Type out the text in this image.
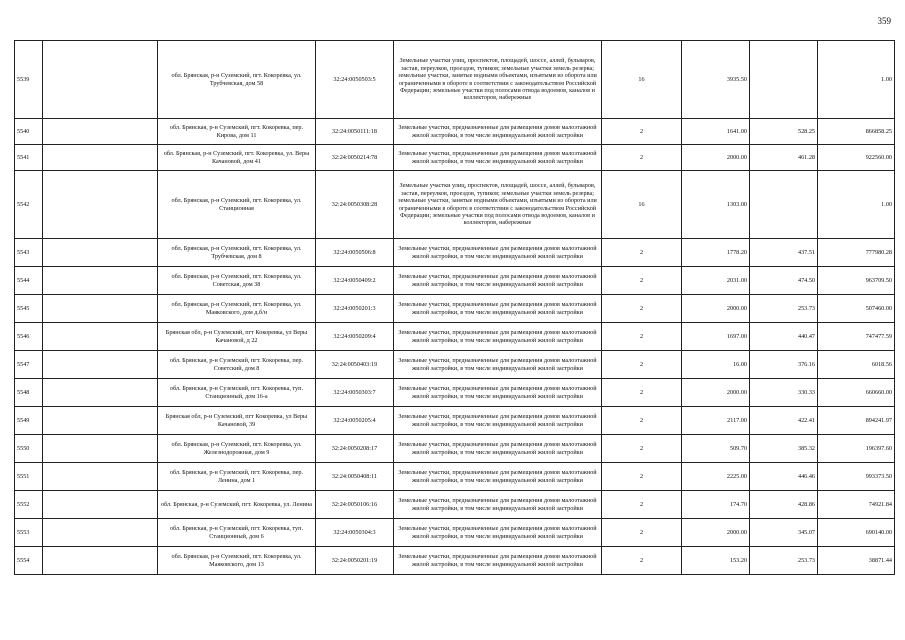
359
5539		обл. Брянская, р-н Суземский, пгт. Кокоревка, ул. Трубчевская, дом 58	32:24:0050503:5	Земельные участки улиц, проспектов, площадей, шоссе, аллей, бульваров, застав, переулков, проездов, тупиков; земельные участки земель резерва; земельные участки, занятые водными объектами, изъятыми из оборота или ограниченными в обороте в соответствии с законодательством Российской Федерации; земельные участки под полосами отвода водоемов, каналов и коллекторов, набережные	16	3935.50		1.00
5540		обл. Брянская, р-н Суземский, пгт. Кокоревка, пер. Кирова, дом 11	32:24:0050111:18	Земельные участки, предназначенные для размещения домов малоэтажной жилой застройки, в том числе индивидуальной жилой застройки	2	1641.00	528.25	866858.25
5541		обл. Брянская, р-н Суземский, пгт. Кокоревка, ул. Веры Качановой, дом 41	32:24:0050214:78	Земельные участки, предназначенные для размещения домов малоэтажной жилой застройки, в том числе индивидуальной жилой застройки	2	2000.00	461.28	922560.00
5542		обл. Брянская, р-н Суземский, пгт. Кокоревка, ул. Станционная	32:24:0050308:28	Земельные участки улиц, проспектов, площадей, шоссе, аллей, бульваров, застав, переулков, проездов, тупиков; земельные участки земель резерва; земельные участки, занятые водными объектами, изъятыми из оборота или ограниченными в обороте в соответствии с законодательством Российской Федерации; земельные участки под полосами отвода водоемов, каналов и коллекторов, набережные	16	1303.00		1.00
5543		обл. Брянская, р-н Суземский, пгт. Кокоревка, ул. Трубчевская, дом 8	32:24:0050506:8	Земельные участки, предназначенные для размещения домов малоэтажной жилой застройки, в том числе индивидуальной жилой застройки	2	1778.20	437.51	777980.28
5544		обл. Брянская, р-н Суземский, пгт. Кокоревка, ул. Советская, дом 38	32:24:0050409:2	Земельные участки, предназначенные для размещения домов малоэтажной жилой застройки, в том числе индивидуальной жилой застройки	2	2031.00	474.50	963709.50
5545		обл. Брянская, р-н Суземский, пгт. Кокоревка, ул. Маяковского, дом д.б/н	32:24:0050201:3	Земельные участки, предназначенные для размещения домов малоэтажной жилой застройки, в том числе индивидуальной жилой застройки	2	2000.00	253.73	507460.00
5546		Брянская обл, р-н Суземский, пгт Кокоревка, ул Веры Качановой, д 22	32:24:0050209:4	Земельные участки, предназначенные для размещения домов малоэтажной жилой застройки, в том числе индивидуальной жилой застройки	2	1697.00	440.47	747477.59
5547		обл. Брянская, р-н Суземский, пгт. Кокоревка, пер. Советский, дом 8	32:24:0050403:19	Земельные участки, предназначенные для размещения домов малоэтажной жилой застройки, в том числе индивидуальной жилой застройки	2	16.00	376.16	6018.56
5548		обл. Брянская, р-н Суземский, пгт. Кокоревка, туп. Станционный, дом 16-а	32:24:0050303:7	Земельные участки, предназначенные для размещения домов малоэтажной жилой застройки, в том числе индивидуальной жилой застройки	2	2000.00	330.33	660660.00
5549		Брянская обл, р-н Суземский, пгт Кокоревка, ул Веры Качановой, 39	32:24:0050205:4	Земельные участки, предназначенные для размещения домов малоэтажной жилой застройки, в том числе индивидуальной жилой застройки	2	2117.00	422.41	894241.97
5550		обл. Брянская, р-н Суземский, пгт. Кокоревка, ул. Железнодорожная, дом 9	32:24:0050208:17	Земельные участки, предназначенные для размещения домов малоэтажной жилой застройки, в том числе индивидуальной жилой застройки	2	509.70	385.32	196397.60
5551		обл. Брянская, р-н Суземский, пгт. Кокоревка, пер. Ленина, дом 1	32:24:0050408:11	Земельные участки, предназначенные для размещения домов малоэтажной жилой застройки, в том числе индивидуальной жилой застройки	2	2225.00	446.46	993373.50
5552		обл. Брянская, р-н Суземский, пгт. Кокоревка, ул. Ленина	32:24:0050106:16	Земельные участки, предназначенные для размещения домов малоэтажной жилой застройки, в том числе индивидуальной жилой застройки	2	174.70	428.86	74921.84
5553		обл. Брянская, р-н Суземский, пгт. Кокоревка, туп. Станционный, дом 6	32:24:0050304:3	Земельные участки, предназначенные для размещения домов малоэтажной жилой застройки, в том числе индивидуальной жилой застройки	2	2000.00	345.07	690140.00
5554		обл. Брянская, р-н Суземский, пгт. Кокоревка, ул. Маяковского, дом 13	32:24:0050201:19	Земельные участки, предназначенные для размещения домов малоэтажной жилой застройки, в том числе индивидуальной жилой застройки	2	153.20	253.73	38871.44
